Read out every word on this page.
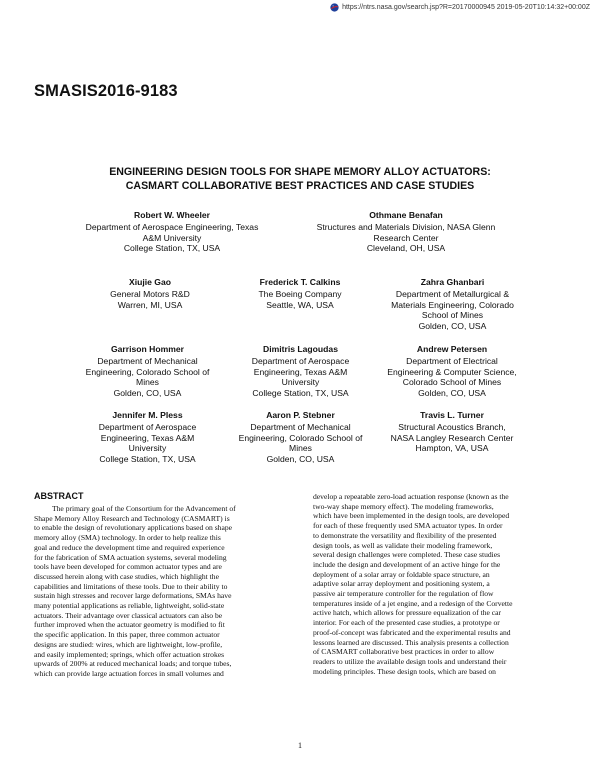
https://ntrs.nasa.gov/search.jsp?R=20170000945 2019-05-20T10:14:32+00:00Z
SMASIS2016-9183
ENGINEERING DESIGN TOOLS FOR SHAPE MEMORY ALLOY ACTUATORS:
CASMART COLLABORATIVE BEST PRACTICES AND CASE STUDIES
Robert W. Wheeler
Department of Aerospace Engineering, Texas
A&M University
College Station, TX, USA
Othmane Benafan
Structures and Materials Division, NASA Glenn
Research Center
Cleveland, OH, USA
Xiujie Gao
General Motors R&D
Warren, MI, USA
Frederick T. Calkins
The Boeing Company
Seattle, WA, USA
Zahra Ghanbari
Department of Metallurgical &
Materials Engineering, Colorado
School of Mines
Golden, CO, USA
Garrison Hommer
Department of Mechanical
Engineering, Colorado School of
Mines
Golden, CO, USA
Dimitris Lagoudas
Department of Aerospace
Engineering, Texas A&M
University
College Station, TX, USA
Andrew Petersen
Department of Electrical
Engineering & Computer Science,
Colorado School of Mines
Golden, CO, USA
Jennifer M. Pless
Department of Aerospace
Engineering, Texas A&M
University
College Station, TX, USA
Aaron P. Stebner
Department of Mechanical
Engineering, Colorado School of
Mines
Golden, CO, USA
Travis L. Turner
Structural Acoustics Branch,
NASA Langley Research Center
Hampton, VA, USA
ABSTRACT
The primary goal of the Consortium for the Advancement of
Shape Memory Alloy Research and Technology (CASMART) is
to enable the design of revolutionary applications based on shape
memory alloy (SMA) technology. In order to help realize this
goal and reduce the development time and required experience
for the fabrication of SMA actuation systems, several modeling
tools have been developed for common actuator types and are
discussed herein along with case studies, which highlight the
capabilities and limitations of these tools. Due to their ability to
sustain high stresses and recover large deformations, SMAs have
many potential applications as reliable, lightweight, solid-state
actuators. Their advantage over classical actuators can also be
further improved when the actuator geometry is modified to fit
the specific application. In this paper, three common actuator
designs are studied: wires, which are lightweight, low-profile,
and easily implemented; springs, which offer actuation strokes
upwards of 200% at reduced mechanical loads; and torque tubes,
which can provide large actuation forces in small volumes and
develop a repeatable zero-load actuation response (known as the
two-way shape memory effect). The modeling frameworks,
which have been implemented in the design tools, are developed
for each of these frequently used SMA actuator types. In order
to demonstrate the versatility and flexibility of the presented
design tools, as well as validate their modeling framework,
several design challenges were completed. These case studies
include the design and development of an active hinge for the
deployment of a solar array or foldable space structure, an
adaptive solar array deployment and positioning system, a
passive air temperature controller for the regulation of flow
temperatures inside of a jet engine, and a redesign of the Corvette
active hatch, which allows for pressure equalization of the car
interior. For each of the presented case studies, a prototype or
proof-of-concept was fabricated and the experimental results and
lessons learned are discussed. This analysis presents a collection
of CASMART collaborative best practices in order to allow
readers to utilize the available design tools and understand their
modeling principles. These design tools, which are based on
1
